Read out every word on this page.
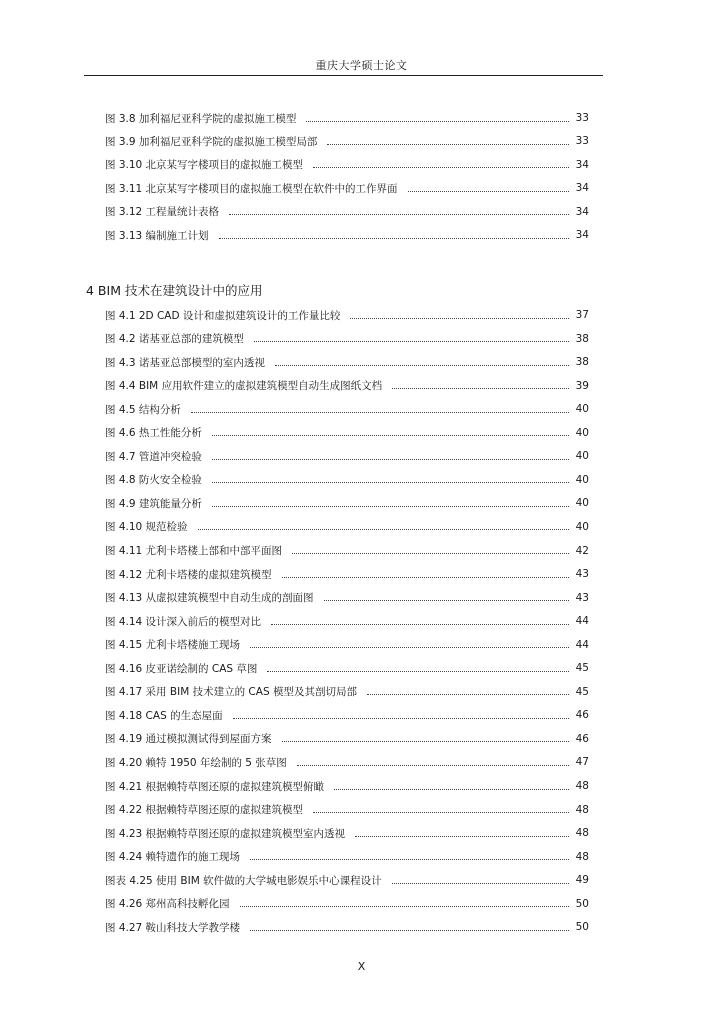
重庆大学硕士论文
图 3.8 加利福尼亚科学院的虚拟施工模型	33
图 3.9 加利福尼亚科学院的虚拟施工模型局部	33
图 3.10 北京某写字楼项目的虚拟施工模型	34
图 3.11 北京某写字楼项目的虚拟施工模型在软件中的工作界面	34
图 3.12 工程量统计表格	34
图 3.13 编制施工计划	34
4 BIM 技术在建筑设计中的应用
图 4.1 2D CAD 设计和虚拟建筑设计的工作量比较	37
图 4.2 诺基亚总部的建筑模型	38
图 4.3 诺基亚总部模型的室内透视	38
图 4.4 BIM 应用软件建立的虚拟建筑模型自动生成图纸文档	39
图 4.5 结构分析	40
图 4.6 热工性能分析	40
图 4.7 管道冲突检验	40
图 4.8 防火安全检验	40
图 4.9 建筑能量分析	40
图 4.10 规范检验	40
图 4.11 尤利卡塔楼上部和中部平面图	42
图 4.12 尤利卡塔楼的虚拟建筑模型	43
图 4.13 从虚拟建筑模型中自动生成的剖面图	43
图 4.14 设计深入前后的模型对比	44
图 4.15 尤利卡塔楼施工现场	44
图 4.16 皮亚诺绘制的 CAS 草图	45
图 4.17 采用 BIM 技术建立的 CAS 模型及其剖切局部	45
图 4.18 CAS 的生态屋面	46
图 4.19 通过模拟测试得到屋面方案	46
图 4.20 赖特 1950 年绘制的 5 张草图	47
图 4.21 根据赖特草图还原的虚拟建筑模型俯瞰	48
图 4.22 根据赖特草图还原的虚拟建筑模型	48
图 4.23 根据赖特草图还原的虚拟建筑模型室内透视	48
图 4.24 赖特遗作的施工现场	48
图表 4.25 使用 BIM 软件做的大学城电影娱乐中心课程设计	49
图 4.26 郑州高科技孵化园	50
图 4.27 鞍山科技大学教学楼	50
X
